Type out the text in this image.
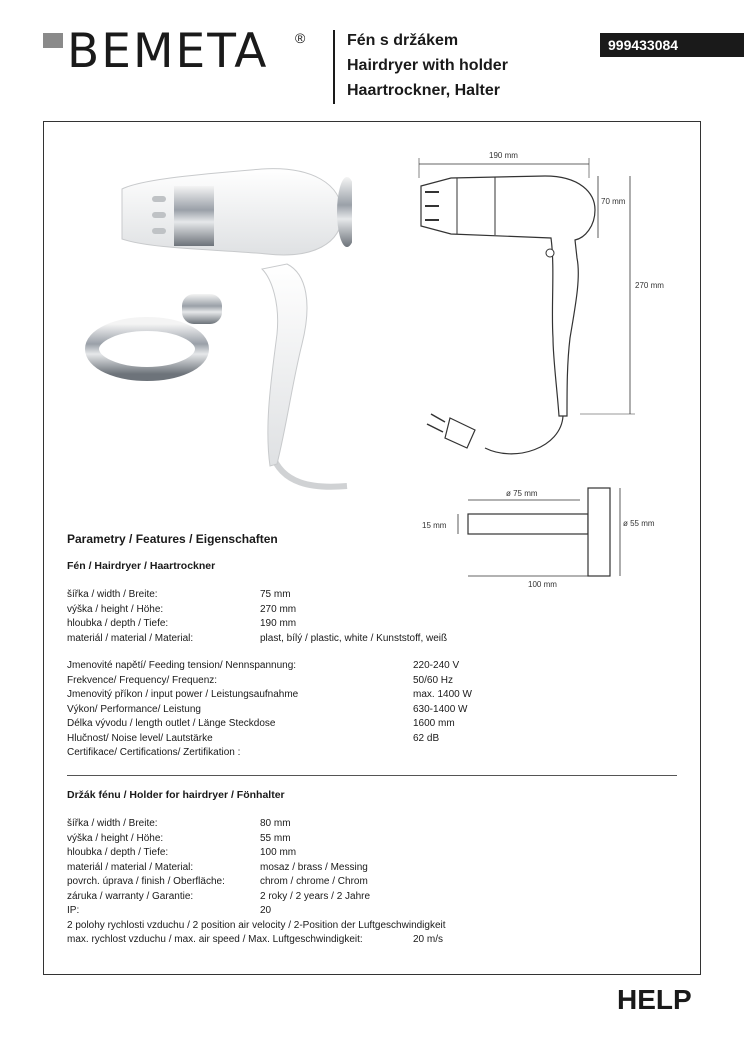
BEMETA ®	Fén s držákem
Hairdryer with holder
Haartrockner, Halter
999433084
190 mm
70 mm
270 mm
ø 75 mm
15 mm	ø 55 mm
100 mm
Parametry / Features / Eigenschaften
Fén / Hairdryer / Haartrockner
šířka / width / Breite:	75 mm
výška / height / Höhe:	270 mm
hloubka / depth / Tiefe:	190 mm
materiál / material / Material:	plast, bílý / plastic, white / Kunststoff, weiß
Jmenovité napětí/ Feeding tension/ Nennspannung:	220-240 V
Frekvence/ Frequency/ Frequenz:	50/60 Hz
Jmenovitý příkon / input power / Leistungsaufnahme	max. 1400 W
Výkon/ Performance/ Leistung	630-1400 W
Délka vývodu / length outlet / Länge Steckdose	1600 mm
Hlučnost/ Noise level/ Lautstärke	62 dB
Certifikace/ Certifications/ Zertifikation :
Držák fénu / Holder for hairdryer / Fönhalter
šířka / width / Breite:	80 mm
výška / height / Höhe:	55 mm
hloubka / depth / Tiefe:	100 mm
materiál / material / Material:	mosaz / brass / Messing
povrch. úprava / finish / Oberfläche:	chrom / chrome / Chrom
záruka / warranty / Garantie:	2 roky / 2 years / 2 Jahre
IP:	20
2 polohy rychlosti vzduchu / 2 position air velocity / 2-Position der Luftgeschwindigkeit
max. rychlost vzduchu / max. air speed / Max. Luftgeschwindigkeit:	20 m/s
HELP
